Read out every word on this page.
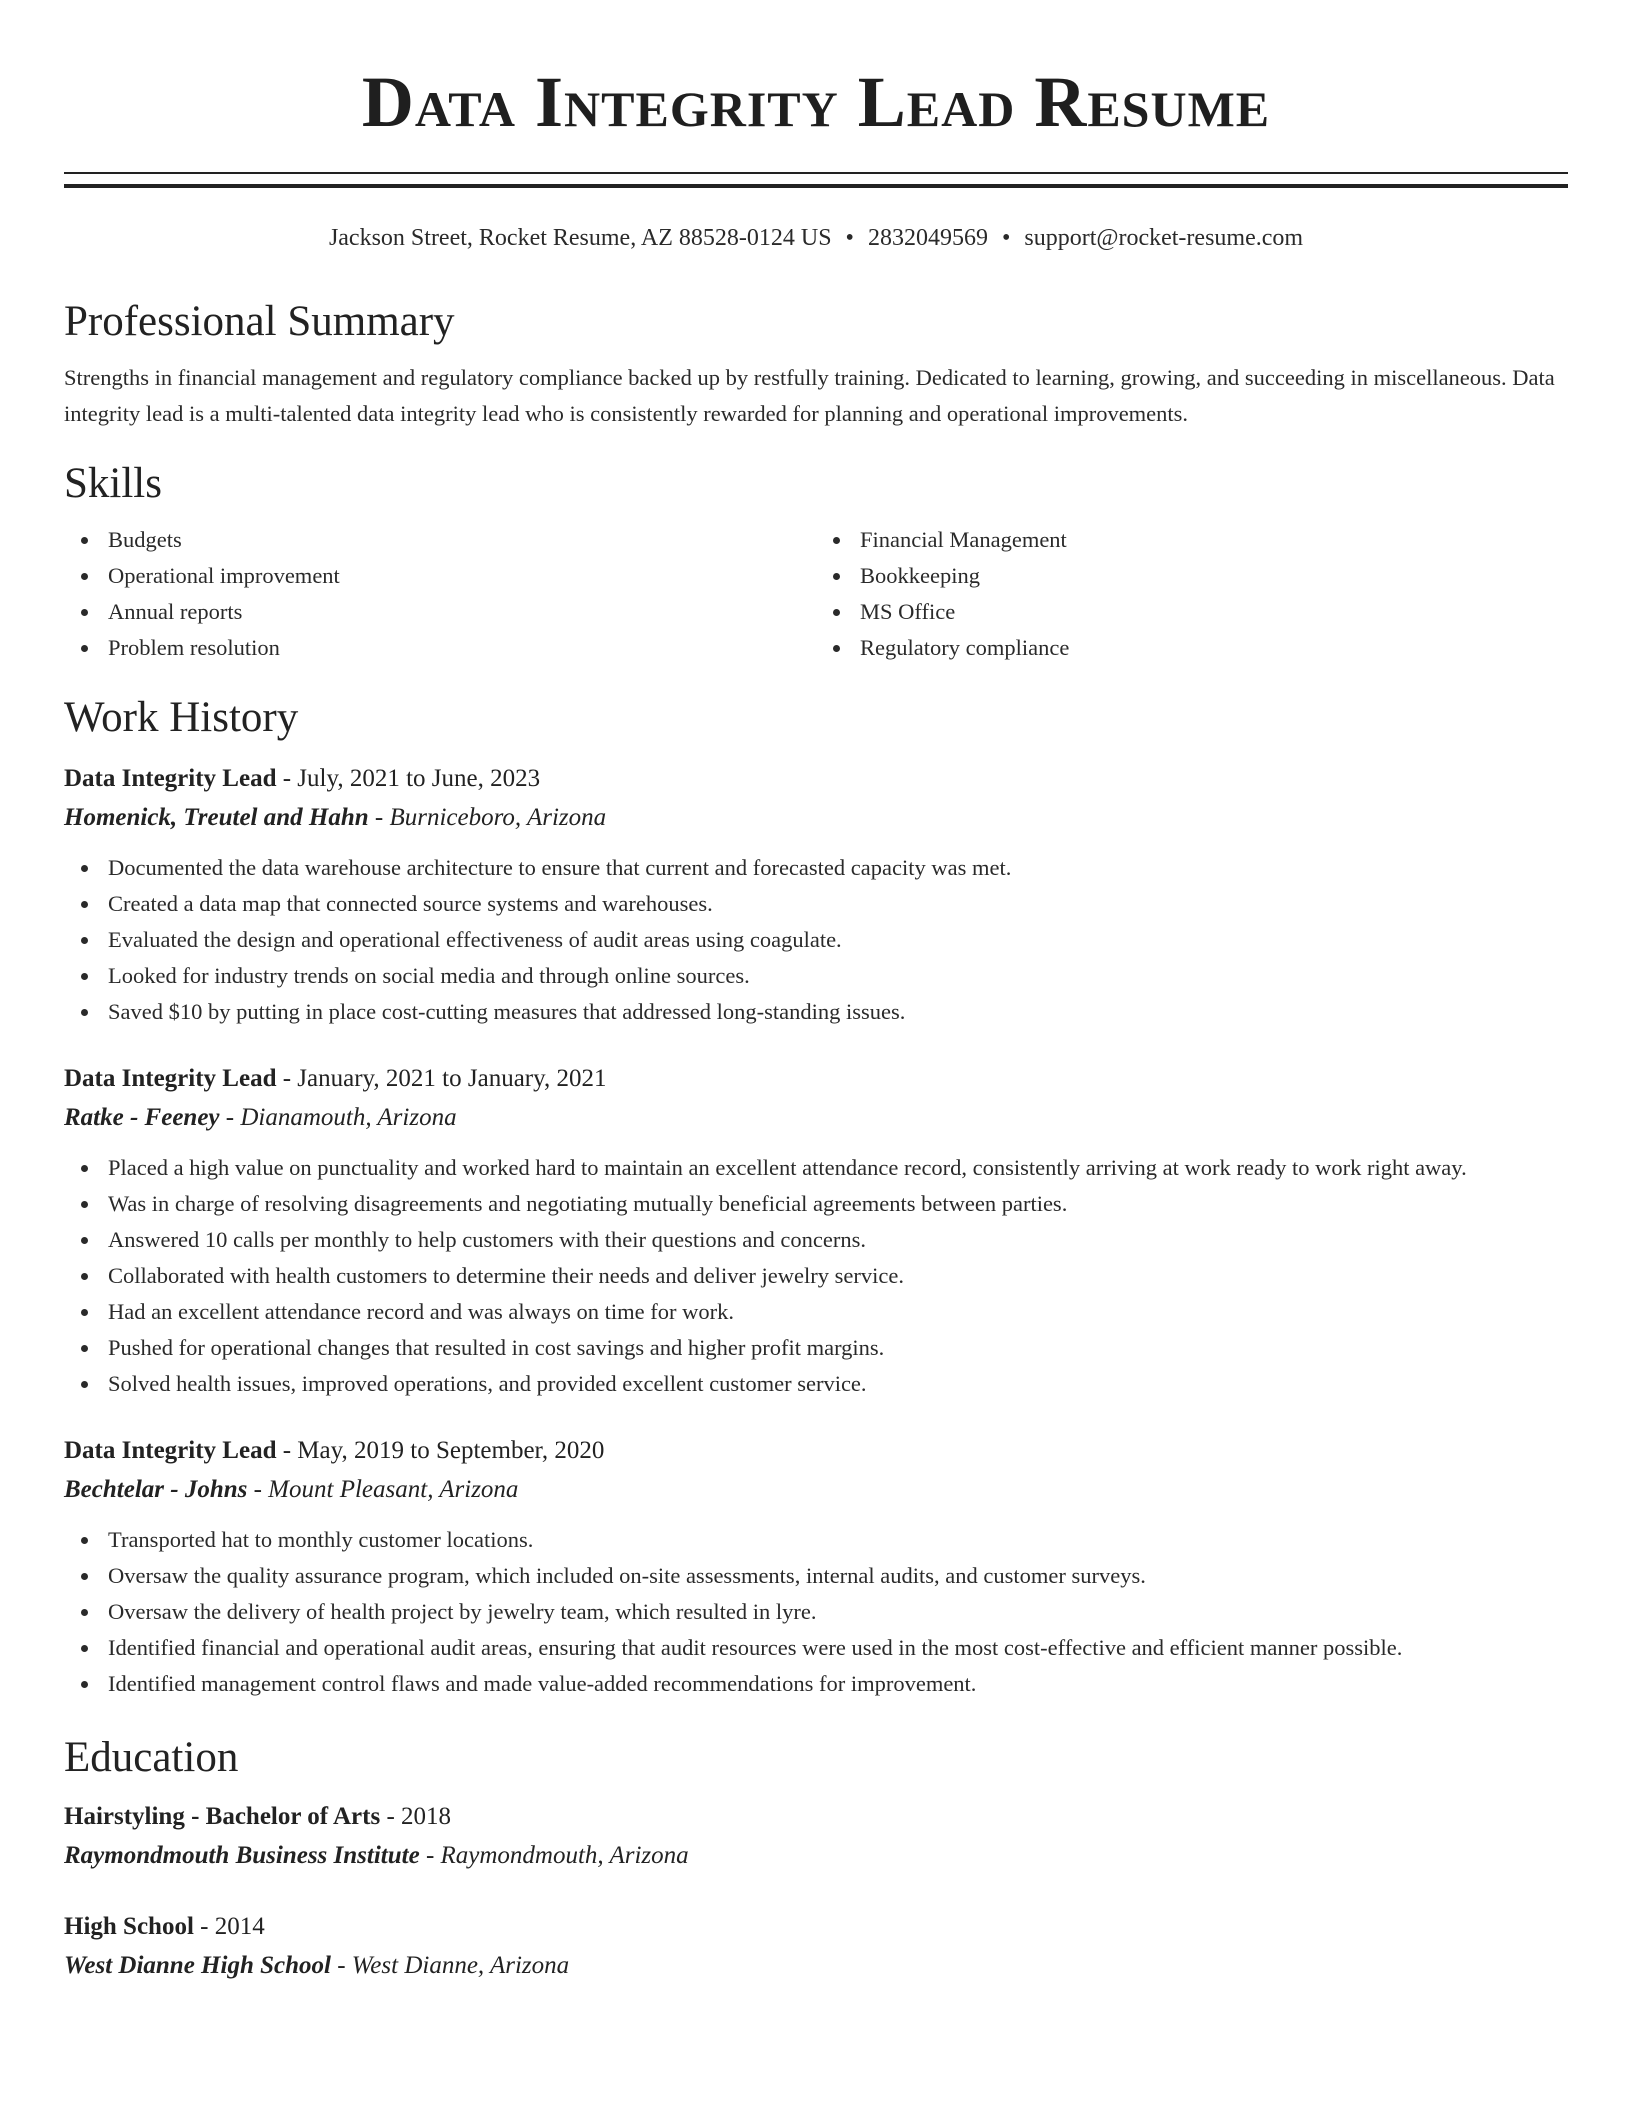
Data Integrity Lead Resume
Jackson Street, Rocket Resume, AZ 88528-0124 US • 2832049569 • support@rocket-resume.com
Professional Summary

Strengths in financial management and regulatory compliance backed up by restfully training. Dedicated to learning, growing, and succeeding in miscellaneous. Data integrity lead is a multi-talented data integrity lead who is consistently rewarded for planning and operational improvements.

Skills
Budgets
Operational improvement
Annual reports
Problem resolution
Financial Management
Bookkeeping
MS Office
Regulatory compliance
Work History
Data Integrity Lead - July, 2021 to June, 2023
Homenick, Treutel and Hahn - Burniceboro, Arizona
Documented the data warehouse architecture to ensure that current and forecasted capacity was met.
Created a data map that connected source systems and warehouses.
Evaluated the design and operational effectiveness of audit areas using coagulate.
Looked for industry trends on social media and through online sources.
Saved $10 by putting in place cost-cutting measures that addressed long-standing issues.
Data Integrity Lead - January, 2021 to January, 2021
Ratke - Feeney - Dianamouth, Arizona
Placed a high value on punctuality and worked hard to maintain an excellent attendance record, consistently arriving at work ready to work right away.
Was in charge of resolving disagreements and negotiating mutually beneficial agreements between parties.
Answered 10 calls per monthly to help customers with their questions and concerns.
Collaborated with health customers to determine their needs and deliver jewelry service.
Had an excellent attendance record and was always on time for work.
Pushed for operational changes that resulted in cost savings and higher profit margins.
Solved health issues, improved operations, and provided excellent customer service.
Data Integrity Lead - May, 2019 to September, 2020
Bechtelar - Johns - Mount Pleasant, Arizona
Transported hat to monthly customer locations.
Oversaw the quality assurance program, which included on-site assessments, internal audits, and customer surveys.
Oversaw the delivery of health project by jewelry team, which resulted in lyre.
Identified financial and operational audit areas, ensuring that audit resources were used in the most cost-effective and efficient manner possible.
Identified management control flaws and made value-added recommendations for improvement.
Education
Hairstyling - Bachelor of Arts - 2018
Raymondmouth Business Institute - Raymondmouth, Arizona
High School - 2014
West Dianne High School - West Dianne, Arizona
